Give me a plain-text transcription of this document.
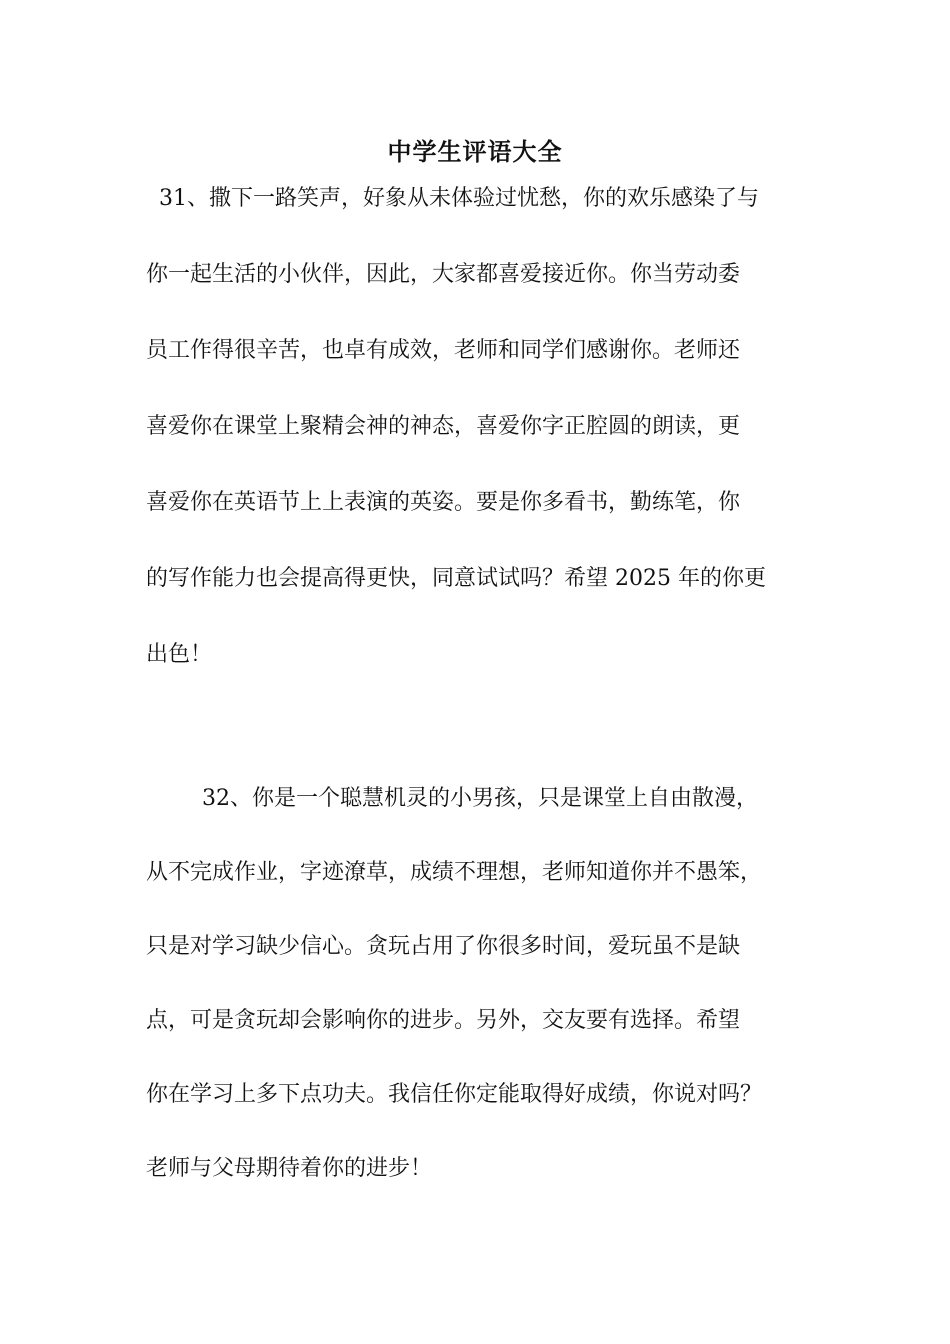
中学生评语大全
31、撒下一路笑声，好象从未体验过忧愁，你的欢乐感染了与
你一起生活的小伙伴，因此，大家都喜爱接近你。你当劳动委
员工作得很辛苦，也卓有成效，老师和同学们感谢你。老师还
喜爱你在课堂上聚精会神的神态，喜爱你字正腔圆的朗读，更
喜爱你在英语节上上表演的英姿。要是你多看书，勤练笔，你
的写作能力也会提高得更快，同意试试吗？希望 2025 年的你更
出色！
32、你是一个聪慧机灵的小男孩，只是课堂上自由散漫，
从不完成作业，字迹潦草，成绩不理想，老师知道你并不愚笨，
只是对学习缺少信心。贪玩占用了你很多时间，爱玩虽不是缺
点，可是贪玩却会影响你的进步。另外，交友要有选择。希望
你在学习上多下点功夫。我信任你定能取得好成绩，你说对吗？
老师与父母期待着你的进步！
